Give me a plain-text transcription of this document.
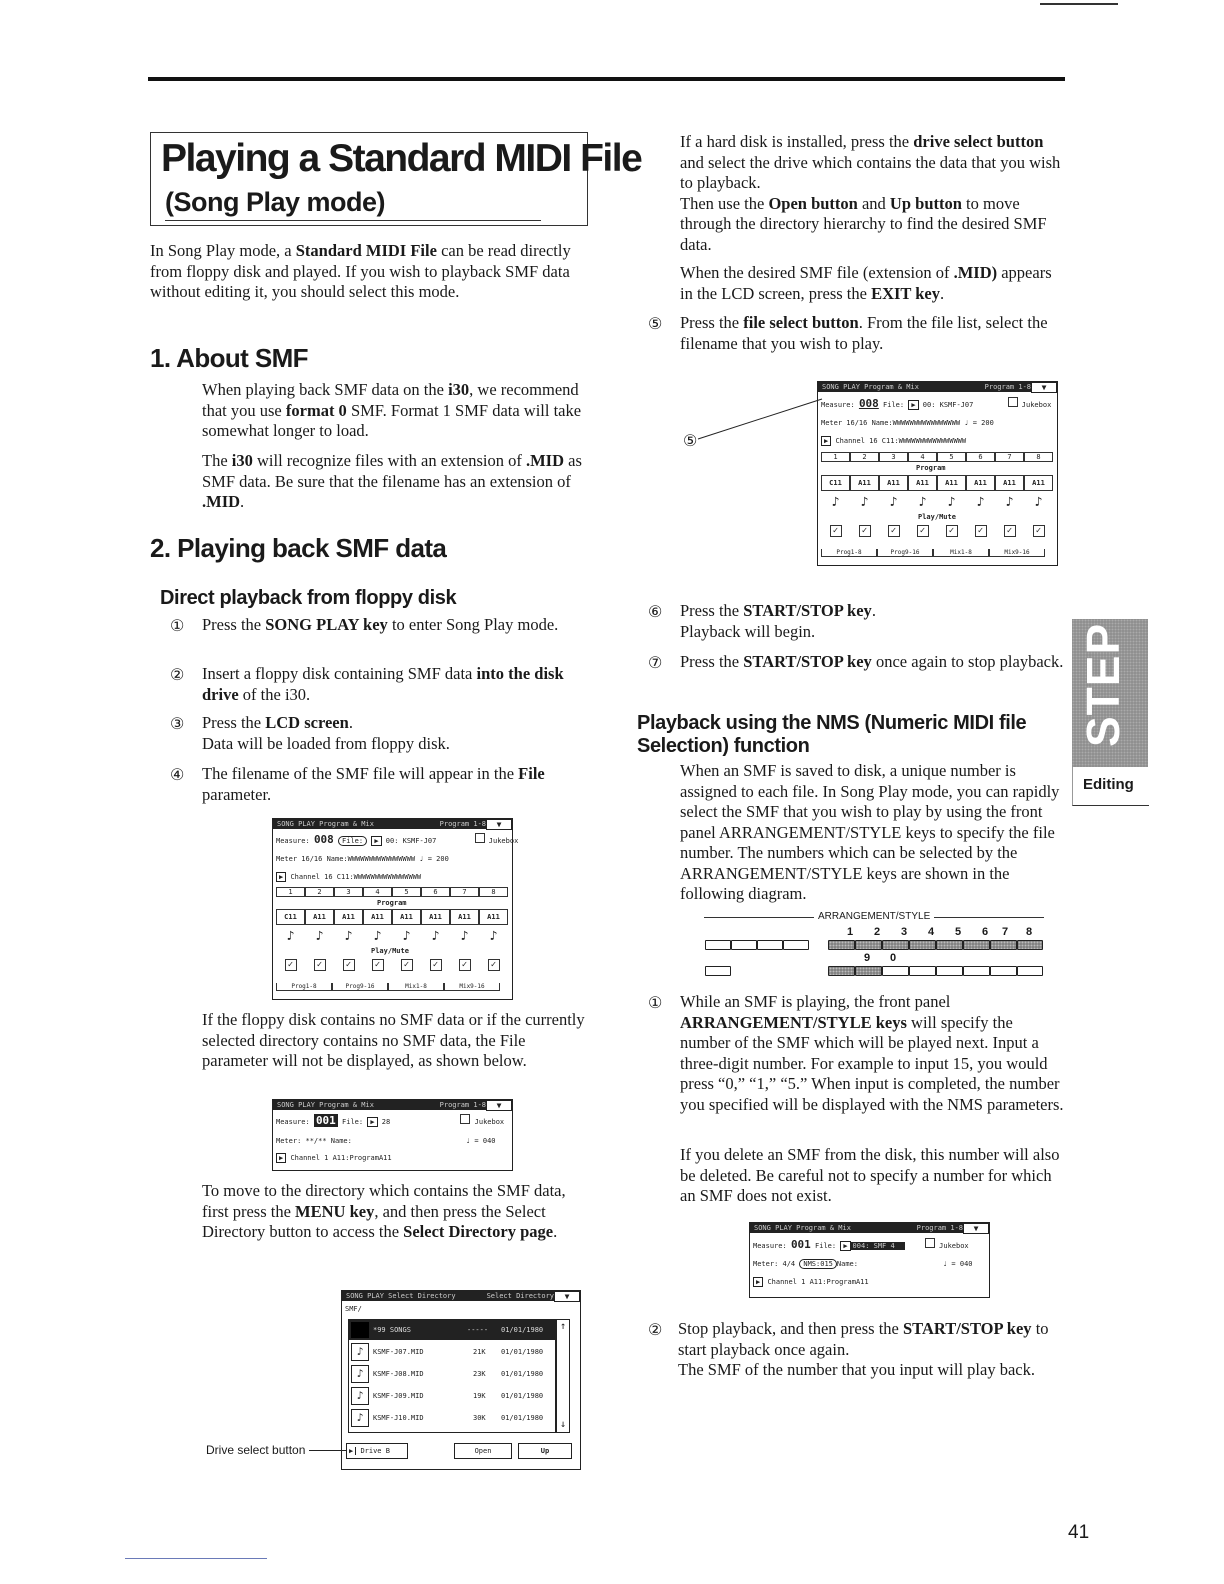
Playing a Standard MIDI File
(Song Play mode)
In Song Play mode, a Standard MIDI File can be read directly from floppy disk and played. If you wish to playback SMF data without editing it, you should select this mode.
1. About SMF
When playing back SMF data on the i30, we recommend that you use format 0 SMF. Format 1 SMF data will take somewhat longer to load.
The i30 will recognize files with an extension of .MID as SMF data. Be sure that the filename has an extension of .MID.
2. Playing back SMF data
Direct playback from floppy disk
① Press the SONG PLAY key to enter Song Play mode.
② Insert a floppy disk containing SMF data into the disk drive of the i30.
③ Press the LCD screen.
Data will be loaded from floppy disk.
④ The filename of the SMF file will appear in the File parameter.
SONG PLAY Program & Mix	Program 1-8	▼
Measure: 008 File: ▶ 00: KSMF-J07	Jukebox
Meter 16/16 Name:WWWWWWWWWWWWWWWW ♩ = 200
▶ Channel 16 C11:WWWWWWWWWWWWWWWW
1	2	3	4	5	6	7	8
Program
C11	A11	A11	A11	A11	A11	A11	A11
♪	♪	♪	♪	♪	♪	♪	♪
Play/Mute
✓	✓	✓	✓	✓	✓	✓	✓
Prog1-8	Prog9-16	Mix1-8	Mix9-16
If the floppy disk contains no SMF data or if the currently selected directory contains no SMF data, the File parameter will not be displayed, as shown below.
SONG PLAY Program & Mix	Program 1-8	▼
Measure: 001 File: ▶ 28	Jukebox
Meter: **/** Name:	♩ = 040
▶ Channel 1 A11:ProgramA11
To move to the directory which contains the SMF data, first press the MENU key, and then press the Select Directory button to access the Select Directory page.
SONG PLAY Select Directory	Select Directory	▼
SMF/
*99 SONGS	----- 01/01/1980
♪	KSMF-J07.MID	21K 01/01/1980
♪	KSMF-J08.MID	23K 01/01/1980
♪	KSMF-J09.MID	19K 01/01/1980
♪	KSMF-J10.MID	30K 01/01/1980
↑
↓
▶ Drive B	Open	Up
Drive select button
If a hard disk is installed, press the drive select button and select the drive which contains the data that you wish to playback.
Then use the Open button and Up button to move through the directory hierarchy to find the desired SMF data.
When the desired SMF file (extension of .MID) appears in the LCD screen, press the EXIT key.
⑤ Press the file select button. From the file list, select the filename that you wish to play.
SONG PLAY Program & Mix	Program 1-8	▼
Measure: 008 File: ▶ 00: KSMF-J07	Jukebox
Meter 16/16 Name:WWWWWWWWWWWWWWWW ♩ = 200
▶ Channel 16 C11:WWWWWWWWWWWWWWWW
1	2	3	4	5	6	7	8
Program
C11	A11	A11	A11	A11	A11	A11	A11
♪	♪	♪	♪	♪	♪	♪	♪
Play/Mute
✓	✓	✓	✓	✓	✓	✓	✓
Prog1-8	Prog9-16	Mix1-8	Mix9-16
⑤
⑥ Press the START/STOP key.
Playback will begin.
⑦ Press the START/STOP key once again to stop playback.
Playback using the NMS (Numeric MIDI file Selection) function
When an SMF is saved to disk, a unique number is assigned to each file. In Song Play mode, you can rapidly select the SMF that you wish to play by using the front panel ARRANGEMENT/STYLE keys to specify the file number. The numbers which can be selected by the ARRANGEMENT/STYLE keys are shown in the following diagram.
ARRANGEMENT/STYLE
1 2 3 4 5 6 7 8
9 0
① While an SMF is playing, the front panel ARRANGEMENT/STYLE keys will specify the number of the SMF which will be played next. Input a three-digit number. For example to input 15, you would press “0,” “1,” “5.” When input is completed, the number you specified will be displayed with the NMS parameters.
If you delete an SMF from the disk, this number will also be deleted. Be careful not to specify a number for which an SMF does not exist.
SONG PLAY Program & Mix	Program 1-8	▼
Measure: 001 File: ▶ 004: SMF 4	Jukebox
Meter: 4/4 NMS:015 Name:	♩ = 040
▶ Channel 1 A11:ProgramA11
② Stop playback, and then press the START/STOP key to start playback once again.
The SMF of the number that you input will play back.
STEP 3
Editing
41
